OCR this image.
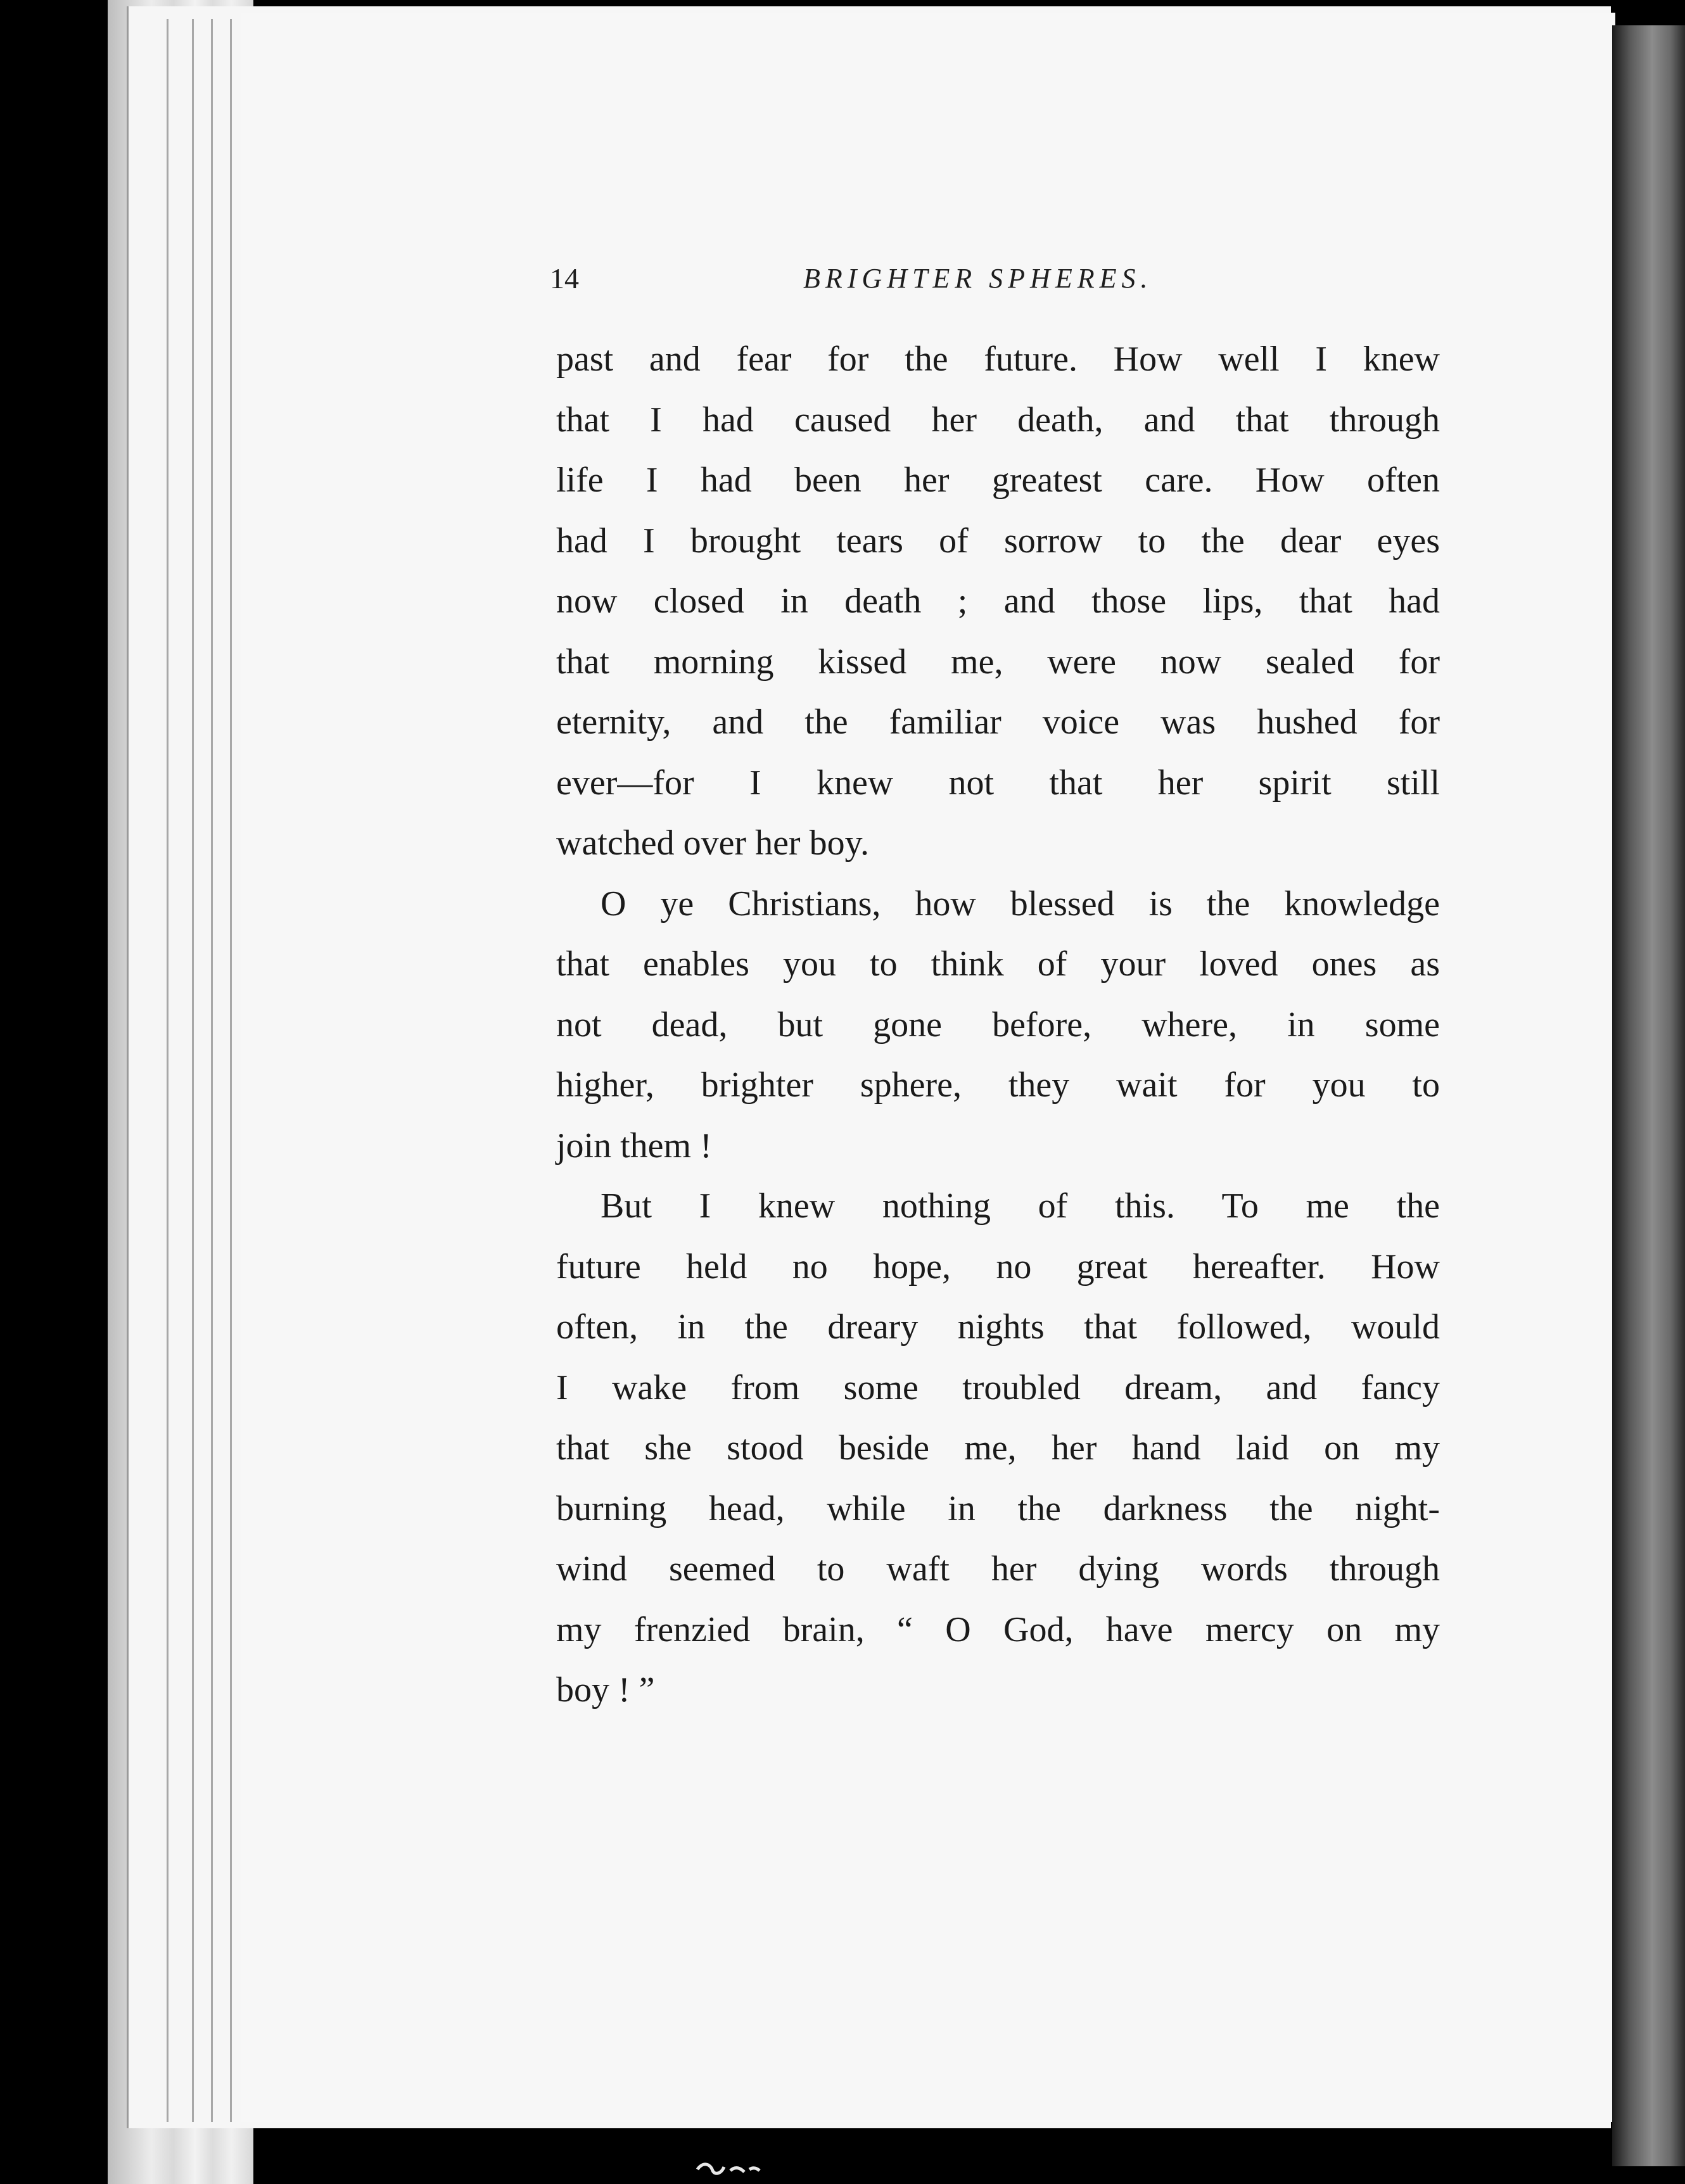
14	BRIGHTER SPHERES.
past and fear for the future. How well I knew
that I had caused her death, and that through
life I had been her greatest care. How often
had I brought tears of sorrow to the dear eyes
now closed in death ; and those lips, that had
that morning kissed me, were now sealed for
eternity, and the familiar voice was hushed for
ever—for I knew not that her spirit still
watched over her boy.
O ye Christians, how blessed is the knowledge
that enables you to think of your loved ones as
not dead, but gone before, where, in some
higher, brighter sphere, they wait for you to
join them !
But I knew nothing of this. To me the
future held no hope, no great hereafter. How
often, in the dreary nights that followed, would
I wake from some troubled dream, and fancy
that she stood beside me, her hand laid on my
burning head, while in the darkness the night-
wind seemed to waft her dying words through
my frenzied brain, “ O God, have mercy on my
boy ! ”
